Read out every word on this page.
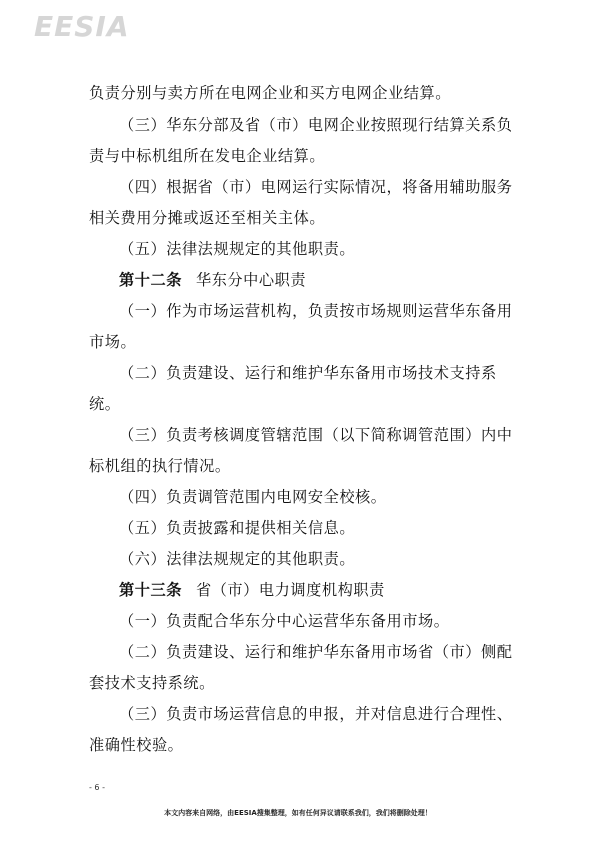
EESIA
负责分别与卖方所在电网企业和买方电网企业结算。
（三）华东分部及省（市）电网企业按照现行结算关系负
责与中标机组所在发电企业结算。
（四）根据省（市）电网运行实际情况，将备用辅助服务
相关费用分摊或返还至相关主体。
（五）法律法规规定的其他职责。
第十二条 华东分中心职责
（一）作为市场运营机构，负责按市场规则运营华东备用
市场。
（二）负责建设、运行和维护华东备用市场技术支持系
统。
（三）负责考核调度管辖范围（以下简称调管范围）内中
标机组的执行情况。
（四）负责调管范围内电网安全校核。
（五）负责披露和提供相关信息。
（六）法律法规规定的其他职责。
第十三条 省（市）电力调度机构职责
（一）负责配合华东分中心运营华东备用市场。
（二）负责建设、运行和维护华东备用市场省（市）侧配
套技术支持系统。
（三）负责市场运营信息的申报，并对信息进行合理性、
准确性校验。
- 6 -
本文内容来自网络，由EESIA搜集整理，如有任何异议请联系我们，我们将删除处理！
